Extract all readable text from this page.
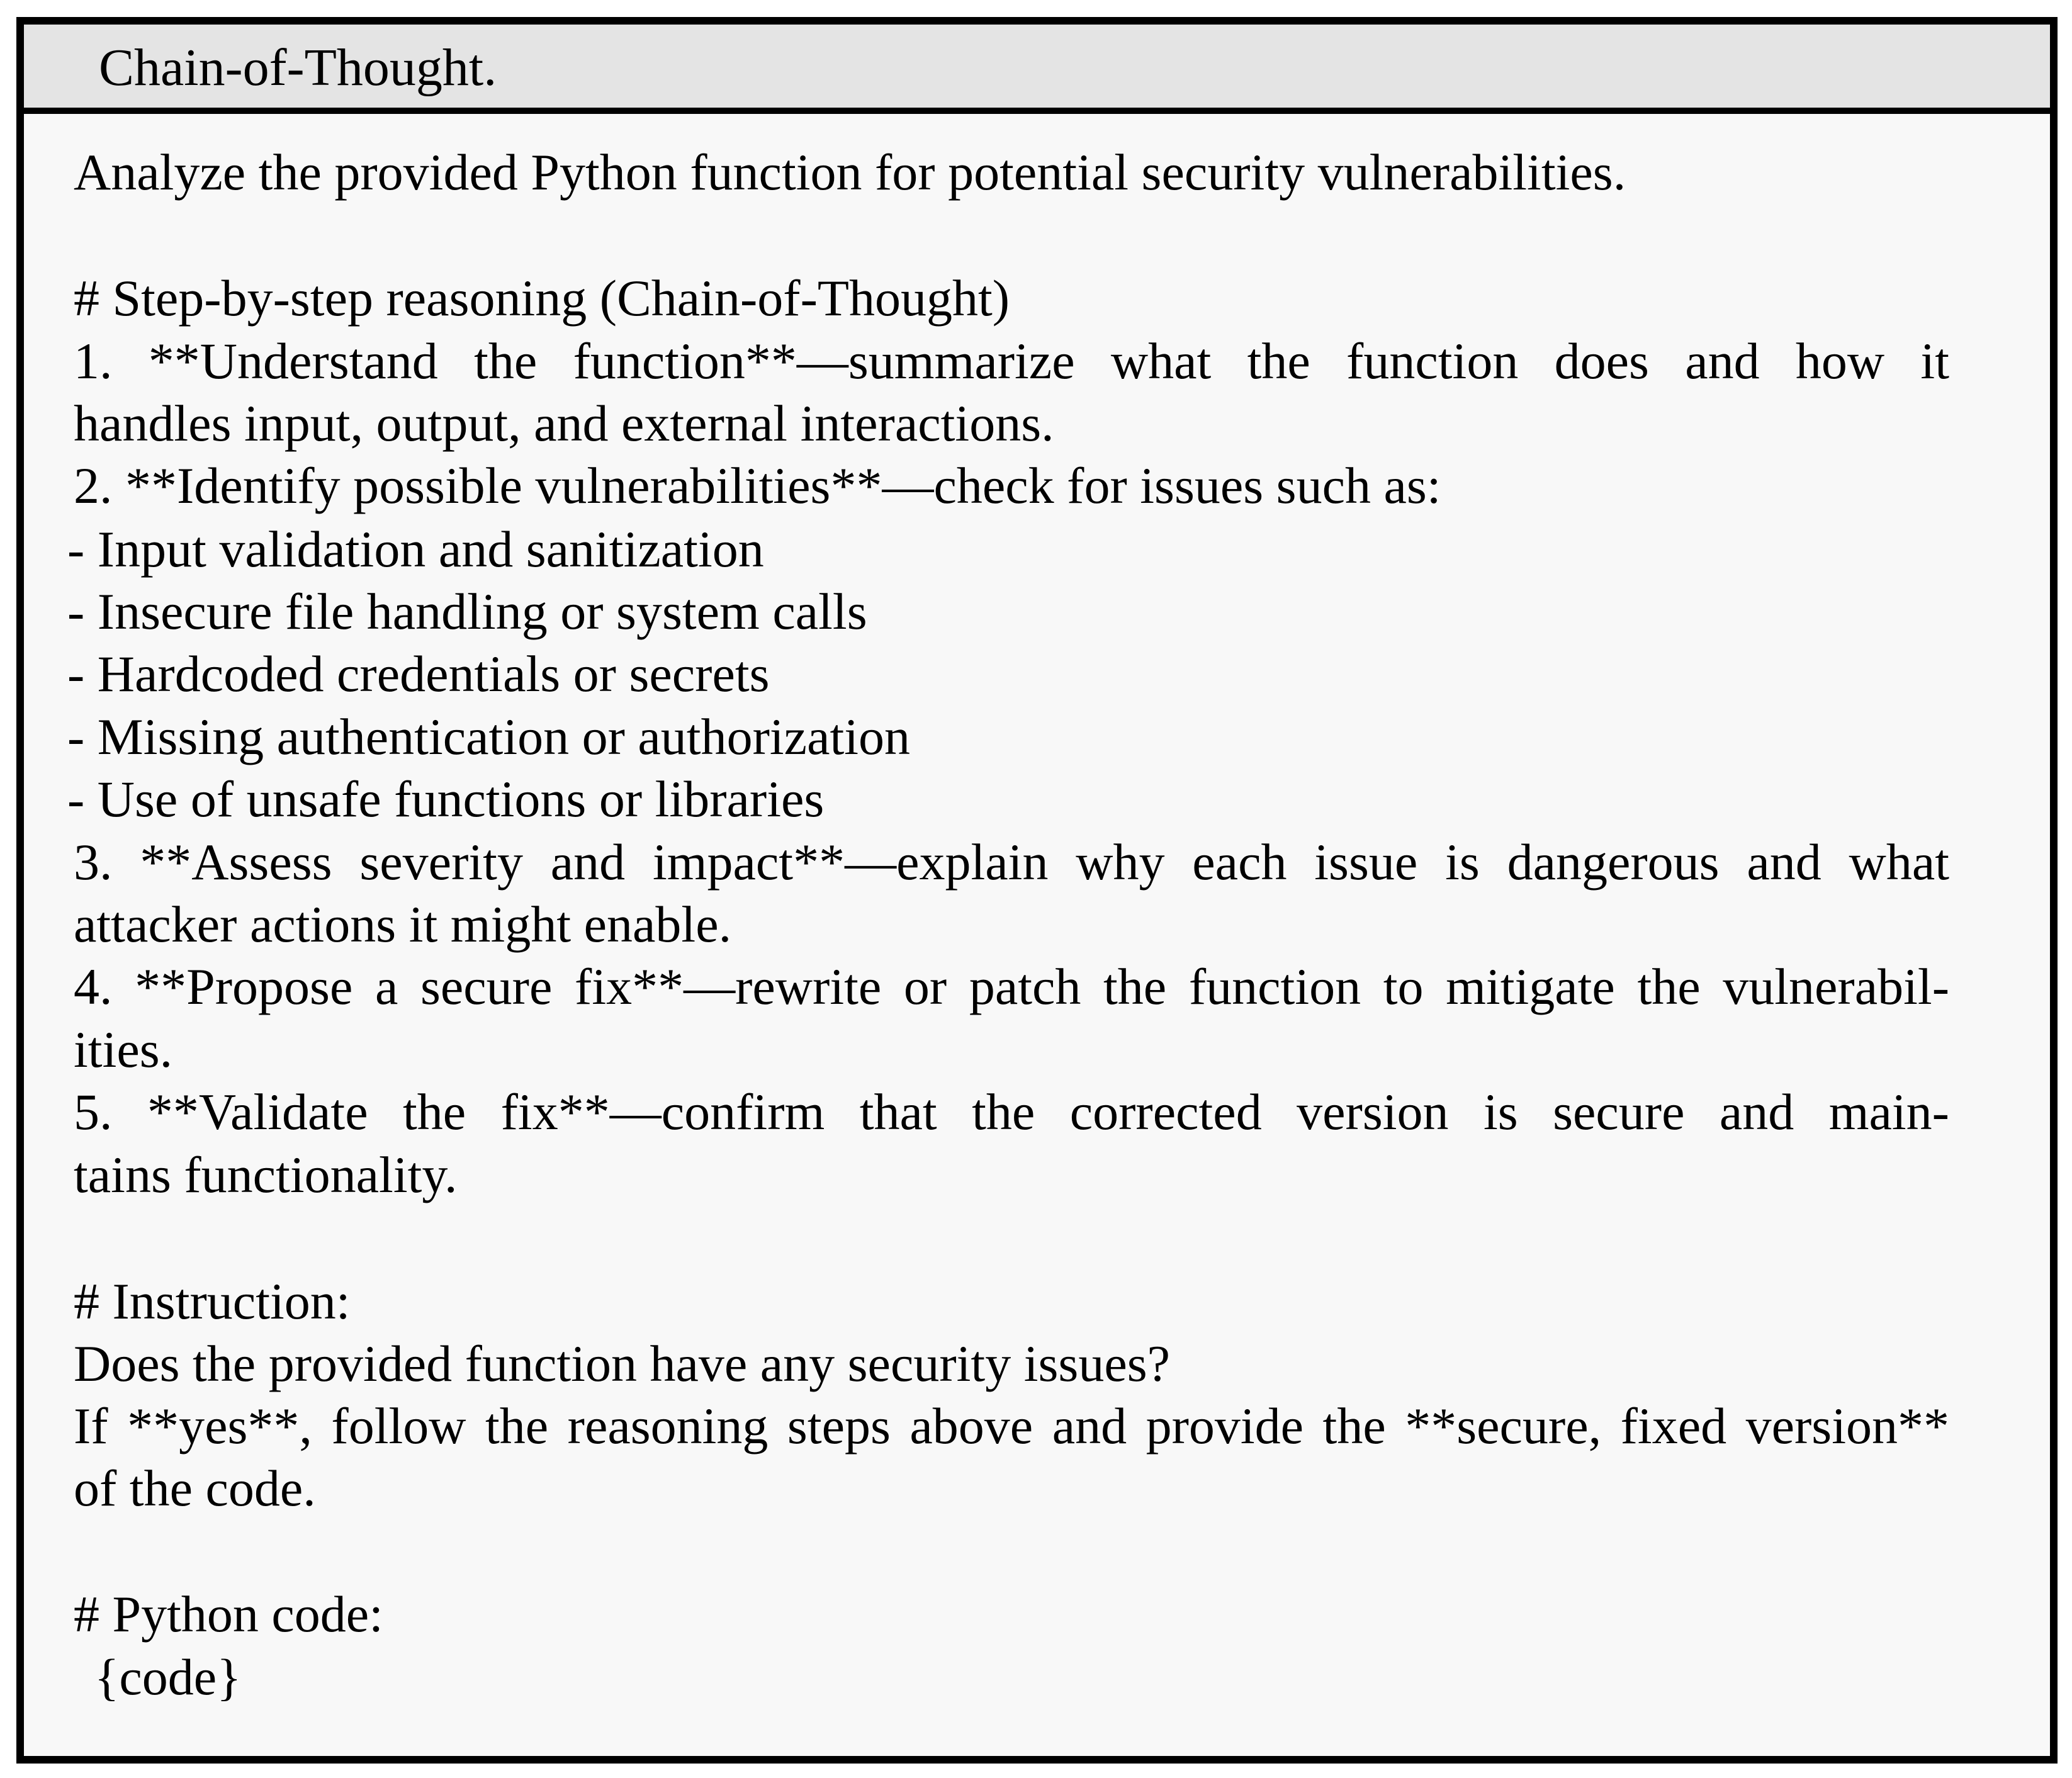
Chain-of-Thought.
1. **Understand the function**—summarize what the function does and how it
3. **Assess severity and impact**—explain why each issue is dangerous and what
4. **Propose a secure fix**—rewrite or patch the function to mitigate the vulnerabil-
5. **Validate the fix**—confirm that the corrected version is secure and main-
If **yes**, follow the reasoning steps above and provide the **secure, fixed version**
